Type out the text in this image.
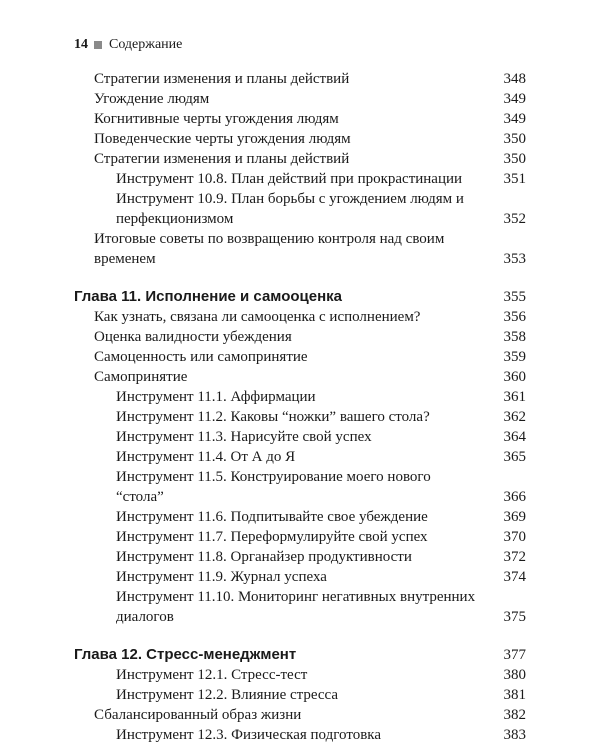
14 Содержание
Стратегии изменения и планы действий	348
Угождение людям	349
Когнитивные черты угождения людям	349
Поведенческие черты угождения людям	350
Стратегии изменения и планы действий	350
Инструмент 10.8. План действий при прокрастинации	351
Инструмент 10.9. План борьбы с угождением людям и перфекционизмом	352
Итоговые советы по возвращению контроля над своим временем	353
Глава 11. Исполнение и самооценка	355
Как узнать, связана ли самооценка с исполнением?	356
Оценка валидности убеждения	358
Самоценность или самопринятие	359
Самопринятие	360
Инструмент 11.1. Аффирмации	361
Инструмент 11.2. Каковы “ножки” вашего стола?	362
Инструмент 11.3. Нарисуйте свой успех	364
Инструмент 11.4. От А до Я	365
Инструмент 11.5. Конструирование моего нового “стола”	366
Инструмент 11.6. Подпитывайте свое убеждение	369
Инструмент 11.7. Переформулируйте свой успех	370
Инструмент 11.8. Органайзер продуктивности	372
Инструмент 11.9. Журнал успеха	374
Инструмент 11.10. Мониторинг негативных внутренних диалогов	375
Глава 12. Стресс-менеджмент	377
Инструмент 12.1. Стресс-тест	380
Инструмент 12.2. Влияние стресса	381
Сбалансированный образ жизни	382
Инструмент 12.3. Физическая подготовка	383
